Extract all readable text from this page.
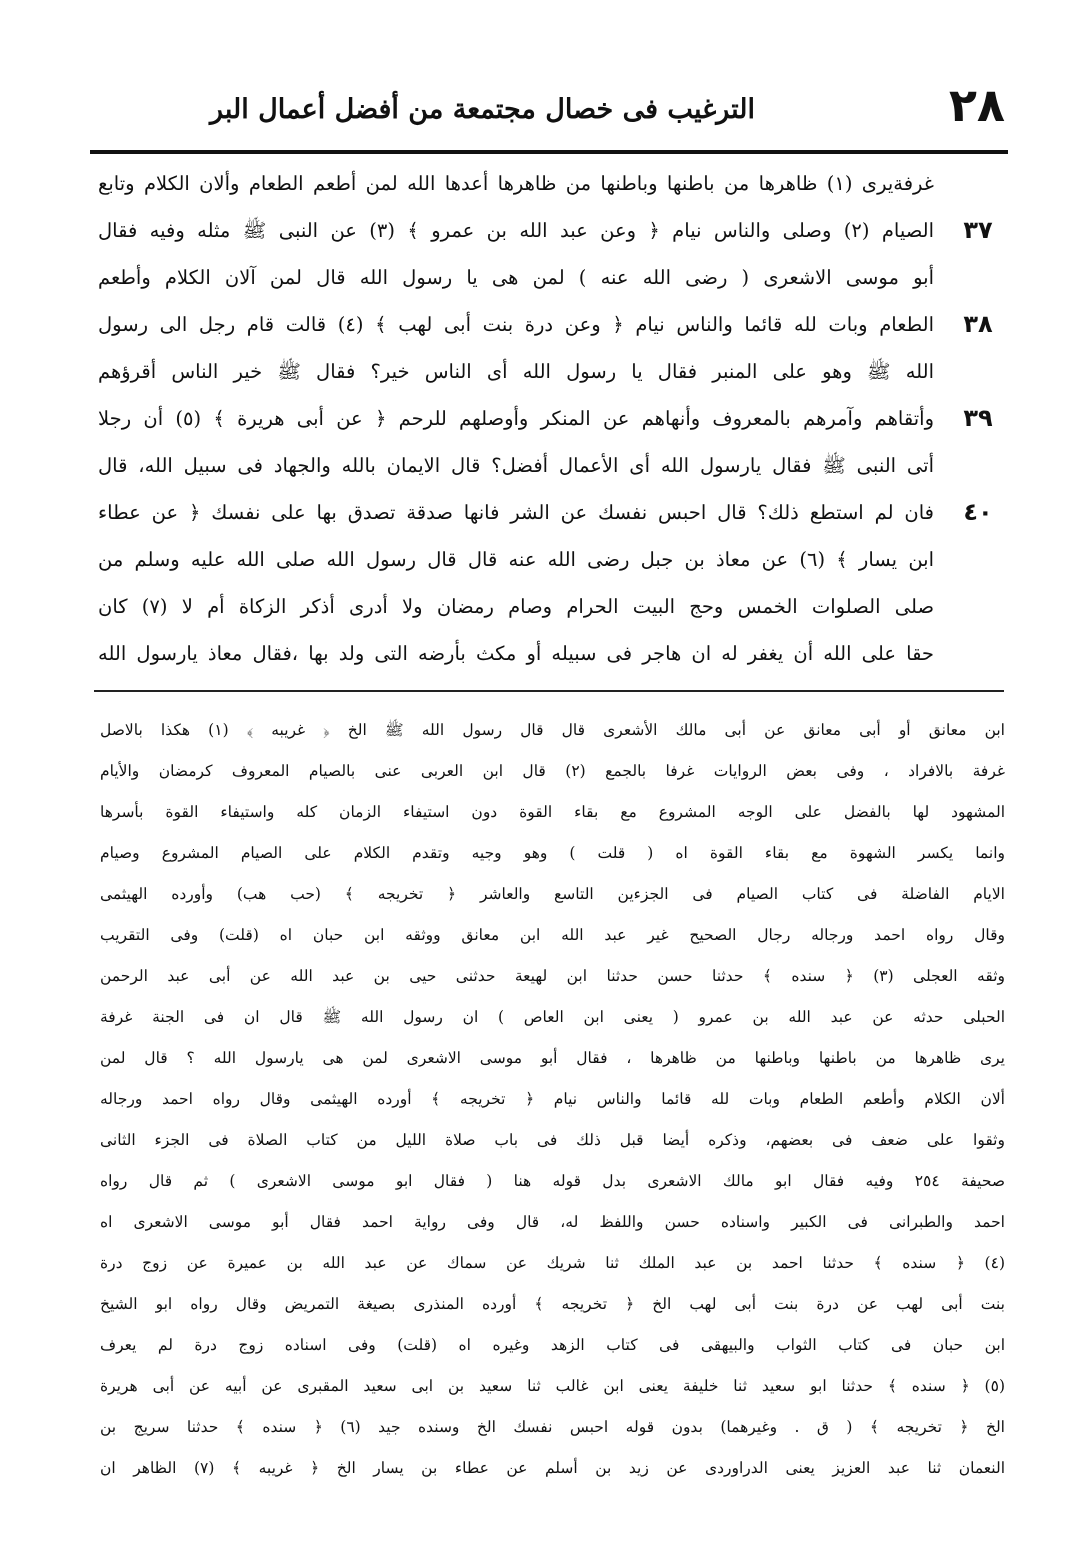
٢٨
الترغيب فى خصال مجتمعة من أفضل أعمال البر
٣٧
٣٨
٣٩
٤٠
غرفةيرى (١) ظاهرها من باطنها وباطنها من ظاهرها أعدها الله لمن أطعم الطعام وألان الكلام وتابع
الصيام (٢) وصلى والناس نيام ﴿ وعن عبد الله بن عمرو ﴾ (٣) عن النبى ﷺ مثله وفيه فقال
أبو موسى الاشعرى ( رضى الله عنه ) لمن هى يا رسول الله قال لمن آلان الكلام وأطعم
الطعام وبات لله قائما والناس نيام ﴿ وعن درة بنت أبى لهب ﴾ (٤) قالت قام رجل الى رسول
الله ﷺ وهو على المنبر فقال يا رسول الله أى الناس خير؟ فقال ﷺ خير الناس أقرؤهم
وأتقاهم وآمرهم بالمعروف وأنهاهم عن المنكر وأوصلهم للرحم ﴿ عن أبى هريرة ﴾ (٥) أن رجلا
أتى النبى ﷺ فقال يارسول الله أى الأعمال أفضل؟ قال الايمان بالله والجهاد فى سبيل الله، قال
فان لم استطع ذلك؟ قال احبس نفسك عن الشر فانها صدقة تصدق بها على نفسك ﴿ عن عطاء
ابن يسار ﴾ (٦) عن معاذ بن جبل رضى الله عنه قال قال رسول الله صلى الله عليه وسلم من
صلى الصلوات الخمس وحج البيت الحرام وصام رمضان ولا أدرى أذكر الزكاة أم لا (٧) كان
حقا على الله أن يغفر له ان هاجر فى سبيله أو مكث بأرضه التى ولد بها ،فقال معاذ يارسول الله
ابن معانق أو أبى معانق عن أبى مالك الأشعرى قال قال رسول الله ﷺ الخ ﴿ غريبه ﴾ (١) هكذا بالاصل
غرفة بالافراد ، وفى بعض الروايات غرفا بالجمع (٢) قال ابن العربى عنى بالصيام المعروف كرمضان والأيام
المشهود لها بالفضل على الوجه المشروع مع بقاء القوة دون استيفاء الزمان كله واستيفاء القوة بأسرها
وانما يكسر الشهوة مع بقاء القوة اه ( قلت ) وهو وجيه وتقدم الكلام على الصيام المشروع وصيام
الايام الفاضلة فى كتاب الصيام فى الجزءين التاسع والعاشر ﴿ تخريجه ﴾ (حب هب) وأورده الهيثمى
وقال رواه احمد ورجاله رجال الصحيح غير عبد الله ابن معانق ووثقه ابن حبان اه (قلت) وفى التقريب
وثقه العجلى (٣) ﴿ سنده ﴾ حدثنا حسن حدثنا ابن لهيعة حدثنى حيى بن عبد الله عن أبى عبد الرحمن
الحبلى حدثه عن عبد الله بن عمرو ( يعنى ابن العاص ) ان رسول الله ﷺ قال ان فى الجنة غرفة
يرى ظاهرها من باطنها وباطنها من ظاهرها ، فقال أبو موسى الاشعرى لمن هى يارسول الله ؟ قال لمن
ألان الكلام وأطعم الطعام وبات لله قائما والناس نيام ﴿ تخريجه ﴾ أورده الهيثمى وقال رواه احمد ورجاله
وثقوا على ضعف فى بعضهم، وذكره أيضا قبل ذلك فى باب صلاة الليل من كتاب الصلاة فى الجزء الثانى
صحيفة ٢٥٤ وفيه فقال ابو مالك الاشعرى بدل قوله هنا ( فقال ابو موسى الاشعرى ) ثم قال رواه
احمد والطبرانى فى الكبير واسناده حسن واللفظ له، قال وفى رواية احمد فقال أبو موسى الاشعرى اه
(٤) ﴿ سنده ﴾ حدثنا احمد بن عبد الملك ثنا شريك عن سماك عن عبد الله بن عميرة عن زوج درة
بنت أبى لهب عن درة بنت أبى لهب الخ ﴿ تخريجه ﴾ أورده المنذرى بصيغة التمريض وقال رواه ابو الشيخ
ابن حبان فى كتاب الثواب والبيهقى فى كتاب الزهد وغيره اه (قلت) وفى اسناده زوج درة لم يعرف
(٥) ﴿ سنده ﴾ حدثنا ابو سعيد ثنا خليفة يعنى ابن غالب ثنا سعيد بن ابى سعيد المقبرى عن أبيه عن أبى هريرة
الخ ﴿ تخريجه ﴾ ( ق . وغيرهما) بدون قوله احبس نفسك الخ وسنده جيد (٦) ﴿ سنده ﴾ حدثنا سريج بن
النعمان ثنا عبد العزيز يعنى الدراوردى عن زيد بن أسلم عن عطاء بن يسار الخ ﴿ غريبه ﴾ (٧) الظاهر ان
